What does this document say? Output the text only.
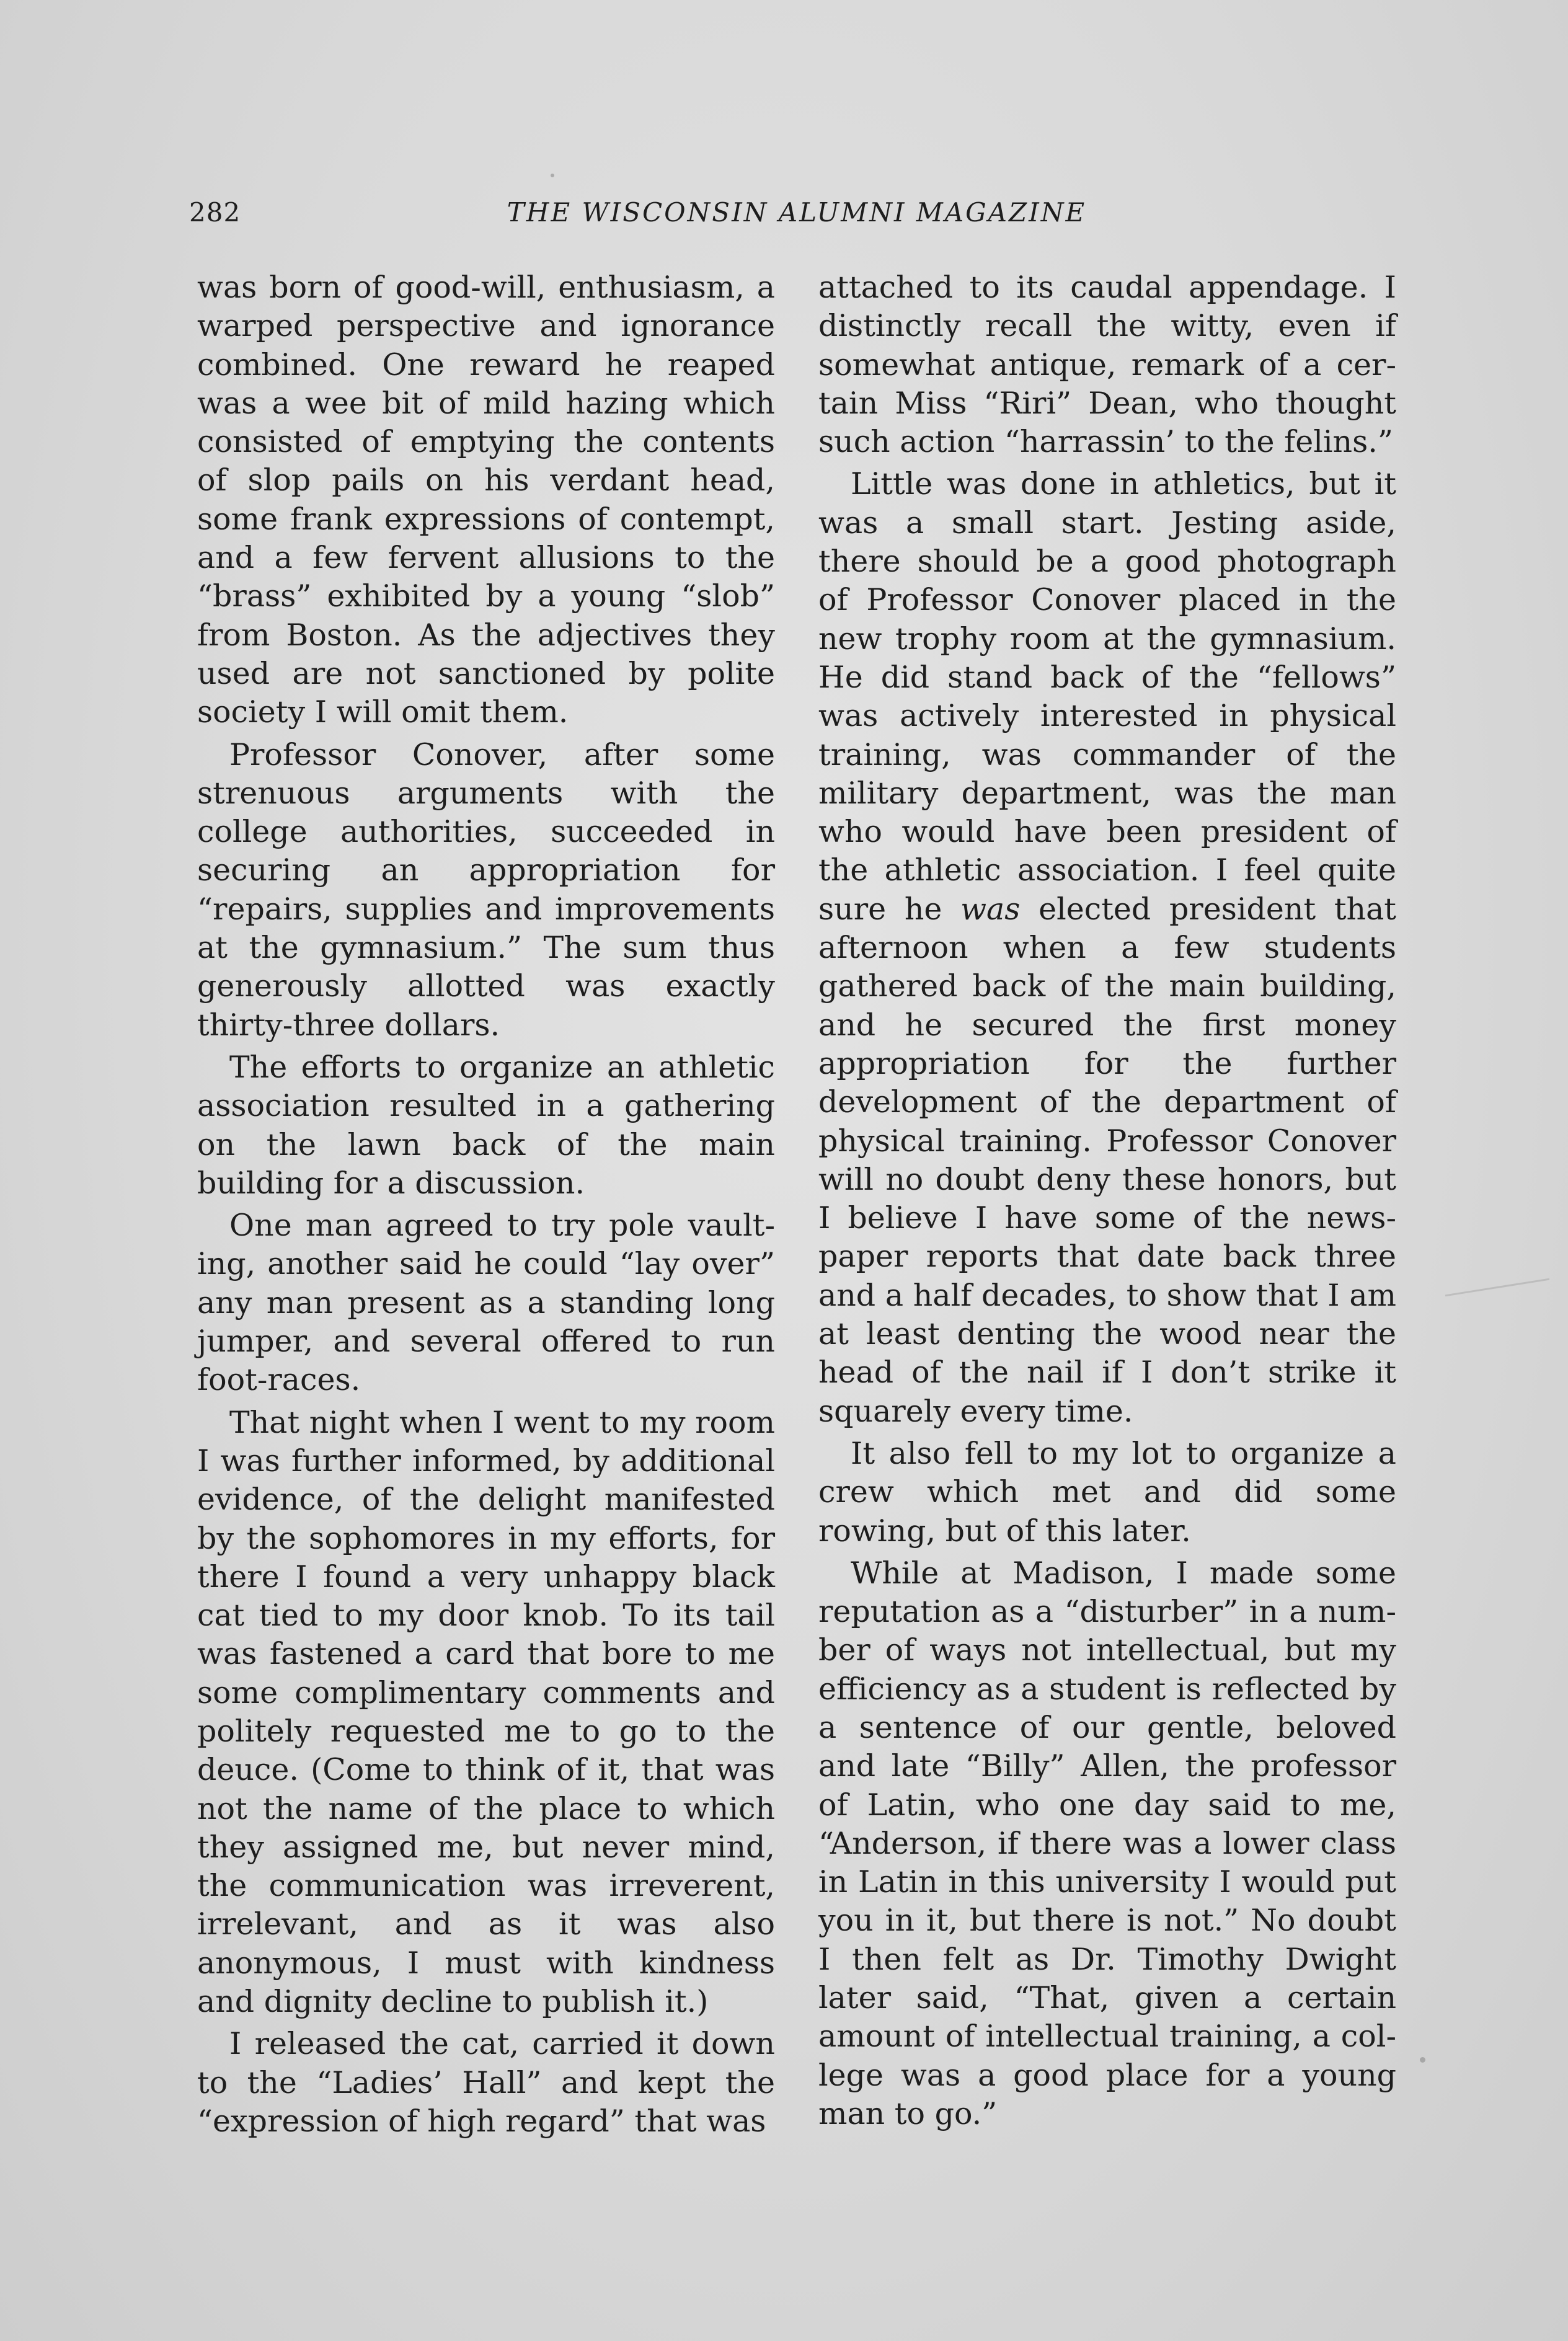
282	THE WISCONSIN ALUMNI MAGAZINE

was born of good-will, enthusiasm, a warped perspective and ignorance combined. One reward he reaped was a wee bit of mild hazing which consisted of emptying the contents of slop pails on his verdant head, some frank expressions of contempt, and a few fervent allusions to the “brass” exhibited by a young “slob” from Boston. As the adjectives they used are not sanctioned by polite society I will omit them.

Professor Conover, after some strenuous arguments with the college authorities, succeeded in securing an appropriation for “repairs, supplies and improvements at the gymnasium.” The sum thus generously allotted was exactly thirty-three dollars.

The efforts to organize an athletic association resulted in a gathering on the lawn back of the main building for a discussion.

One man agreed to try pole vaulting, another said he could “lay over” any man present as a standing long jumper, and several offered to run foot-races.

That night when I went to my room I was further informed, by additional evidence, of the delight manifested by the sophomores in my efforts, for there I found a very unhappy black cat tied to my door knob. To its tail was fastened a card that bore to me some complimentary comments and politely requested me to go to the deuce. (Come to think of it, that was not the name of the place to which they assigned me, but never mind, the communication was irreverent, irrelevant, and as it was also anonymous, I must with kindness and dignity decline to publish it.)

I released the cat, carried it down to the “Ladies’ Hall” and kept the “expression of high regard” that was

attached to its caudal appendage. I distinctly recall the witty, even if somewhat antique, remark of a certain Miss “Riri” Dean, who thought such action “harrassin’ to the felins.”

Little was done in athletics, but it was a small start. Jesting aside, there should be a good photograph of Professor Conover placed in the new trophy room at the gymnasium. He did stand back of the “fellows” was actively interested in physical training, was commander of the military department, was the man who would have been president of the athletic association. I feel quite sure he was elected president that afternoon when a few students gathered back of the main building, and he secured the first money appropriation for the further development of the department of physical training. Professor Conover will no doubt deny these honors, but I believe I have some of the newspaper reports that date back three and a half decades, to show that I am at least denting the wood near the head of the nail if I don’t strike it squarely every time.

It also fell to my lot to organize a crew which met and did some rowing, but of this later.

While at Madison, I made some reputation as a “disturber” in a number of ways not intellectual, but my efficiency as a student is reflected by a sentence of our gentle, beloved and late “Billy” Allen, the professor of Latin, who one day said to me, “Anderson, if there was a lower class in Latin in this university I would put you in it, but there is not.” No doubt I then felt as Dr. Timothy Dwight later said, “That, given a certain amount of intellectual training, a college was a good place for a young man to go.”
